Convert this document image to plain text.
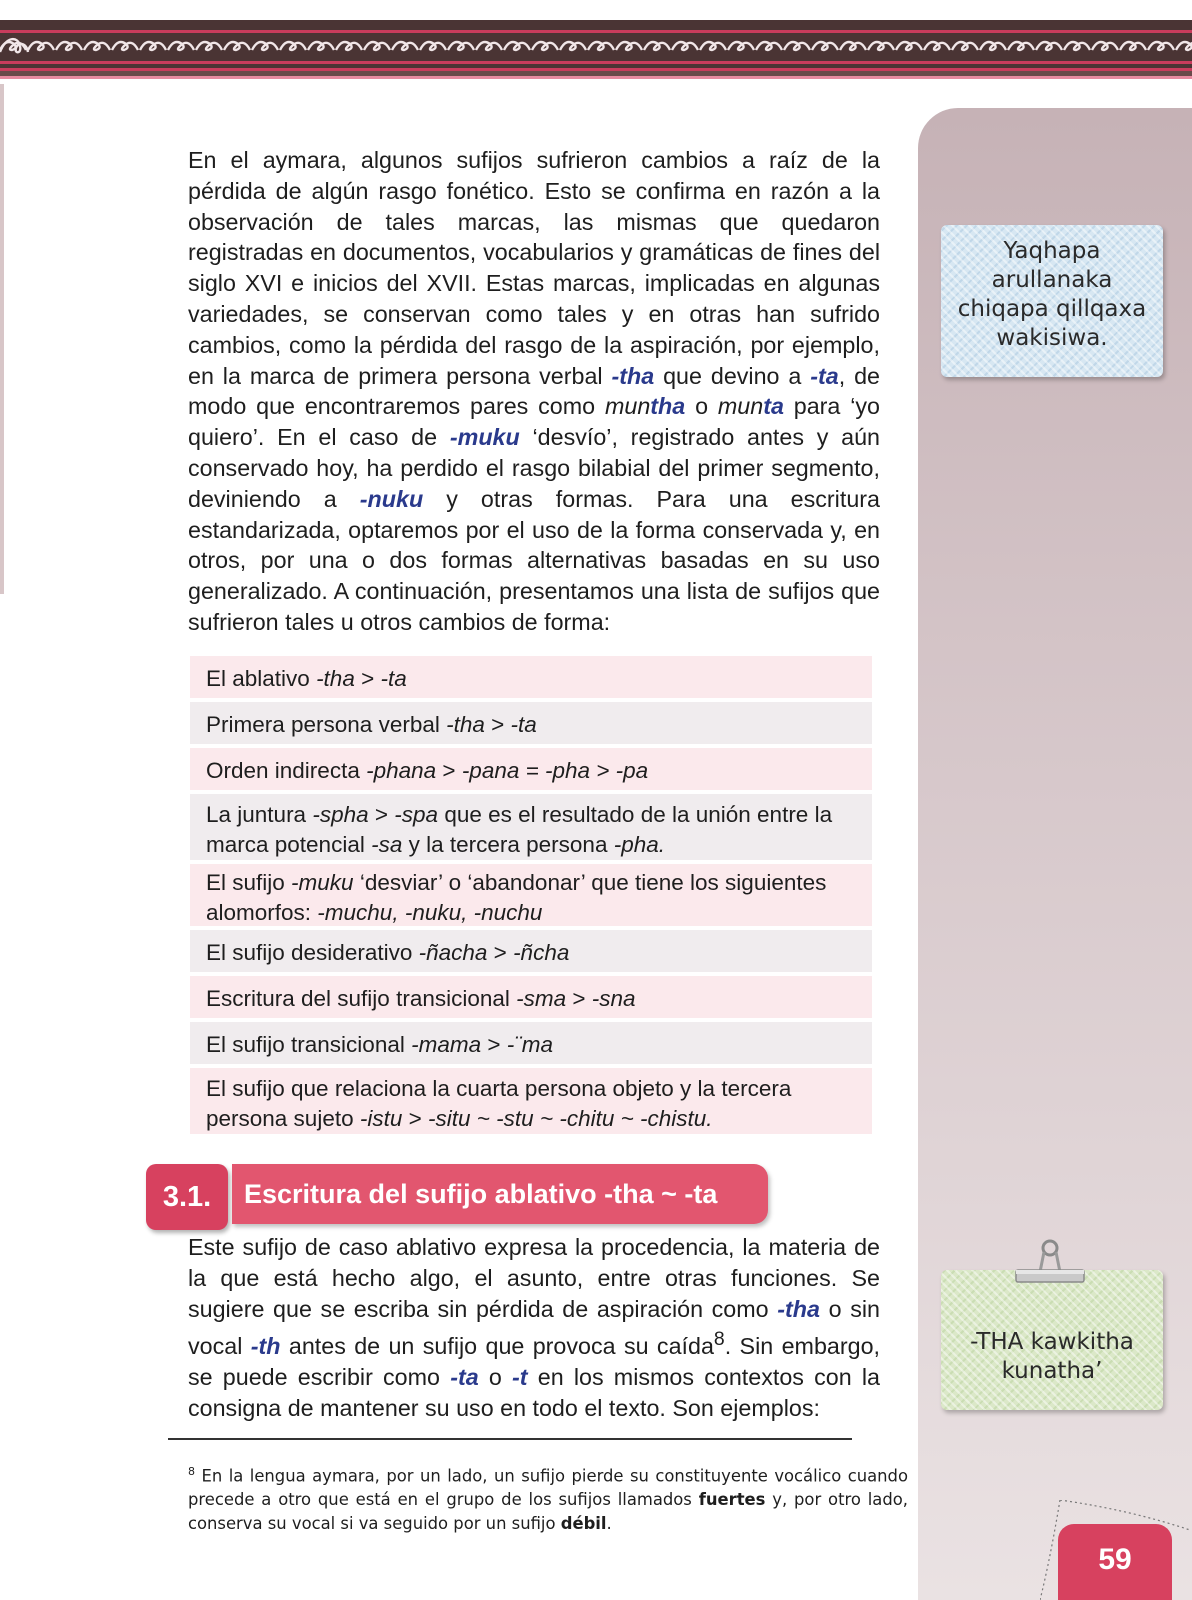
Yaqhapa
arullanaka
chiqapa qillqaxa
wakisiwa.
-THA kawkitha
kunatha’

En el aymara, algunos sufijos sufrieron cambios a raíz de la pérdida de algún rasgo fonético. Esto se confirma en razón a la observación de tales marcas, las mismas que quedaron registradas en documentos, vocabularios y gramáticas de fines del siglo XVI e inicios del XVII. Estas marcas, implicadas en algunas variedades, se conservan como tales y en otras han sufrido cambios, como la pérdida del rasgo de la aspiración, por ejemplo, en la marca de primera persona verbal -tha que devino a -ta, de modo que encontraremos pares como muntha o munta para ‘yo quiero’. En el caso de -muku ‘desvío’, registrado antes y aún conservado hoy, ha perdido el rasgo bilabial del primer segmento, deviniendo a -nuku y otras formas. Para una escritura estandarizada, optaremos por el uso de la forma conservada y, en otros, por una o dos formas alternativas basadas en su uso generalizado. A continuación, presentamos una lista de sufijos que sufrieron tales u otros cambios de forma:

El ablativo -tha > -ta
Primera persona verbal -tha > -ta
Orden indirecta -phana > -pana = -pha > -pa
La juntura -spha > -spa que es el resultado de la unión entre la marca potencial -sa y la tercera persona -pha.
El sufijo -muku ‘desviar’ o ‘abandonar’ que tiene los siguientes alomorfos: -muchu, -nuku, -nuchu
El sufijo desiderativo -ñacha > -ñcha
Escritura del sufijo transicional -sma > -sna
El sufijo transicional -mama > -¨ma
El sufijo que relaciona la cuarta persona objeto y la tercera persona sujeto -istu > -situ ~ -stu ~ -chitu ~ -chistu.
3.1.	Escritura del sufijo ablativo -tha ~ -ta
Este sufijo de caso ablativo expresa la procedencia, la materia de la que está hecho algo, el asunto, entre otras funciones. Se sugiere que se escriba sin pérdida de aspiración como -tha o sin vocal -th antes de un sufijo que provoca su caída$^8$. Sin embargo, se puede escribir como -ta o -t en los mismos contextos con la consigna de mantener su uso en todo el texto. Son ejemplos:
$^8$ En la lengua aymara, por un lado, un sufijo pierde su constituyente vocálico cuando precede a otro que está en el grupo de los sufijos llamados fuertes y, por otro lado, conserva su vocal si va seguido por un sufijo débil.
59
